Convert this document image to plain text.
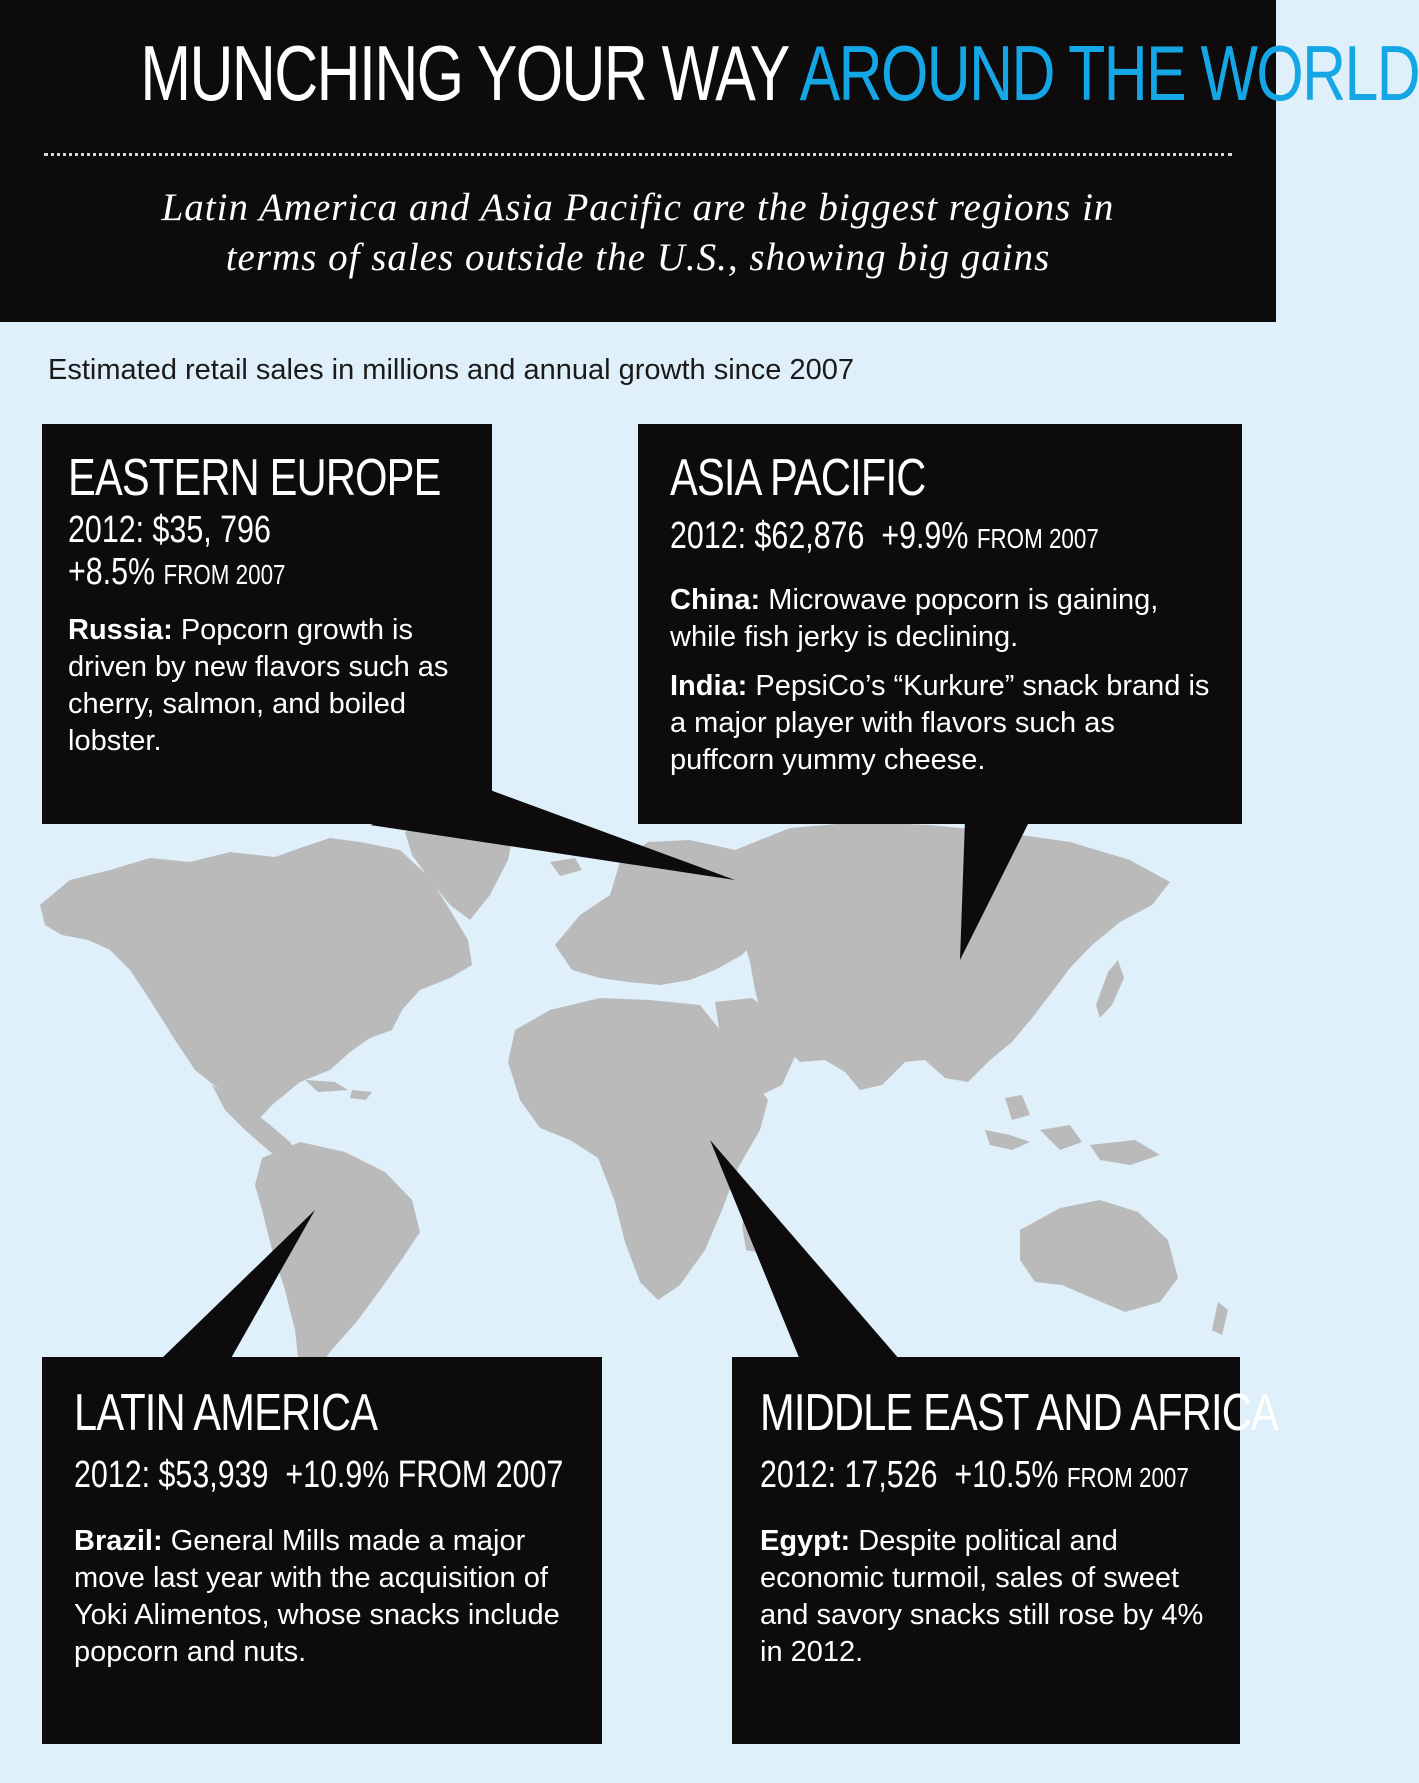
MUNCHING YOUR WAY AROUND THE WORLD
Latin America and Asia Pacific are the biggest regions in
terms of sales outside the U.S., showing big gains
Estimated retail sales in millions and annual growth since 2007
EASTERN EUROPE
2012: $35, 796
+8.5% FROM 2007
Russia: Popcorn growth is driven by new flavors such as cherry, salmon, and boiled lobster.
ASIA PACIFIC
2012: $62,876 +9.9% FROM 2007
China: Microwave popcorn is gaining, while fish jerky is declining.
India: PepsiCo’s “Kurkure” snack brand is a major player with flavors such as puffcorn yummy cheese.
LATIN AMERICA
2012: $53,939 +10.9% FROM 2007
Brazil: General Mills made a major move last year with the acquisition of Yoki Alimentos, whose snacks include popcorn and nuts.
MIDDLE EAST AND AFRICA
2012: 17,526 +10.5% FROM 2007
Egypt: Despite political and economic turmoil, sales of sweet and savory snacks still rose by 4% in 2012.
